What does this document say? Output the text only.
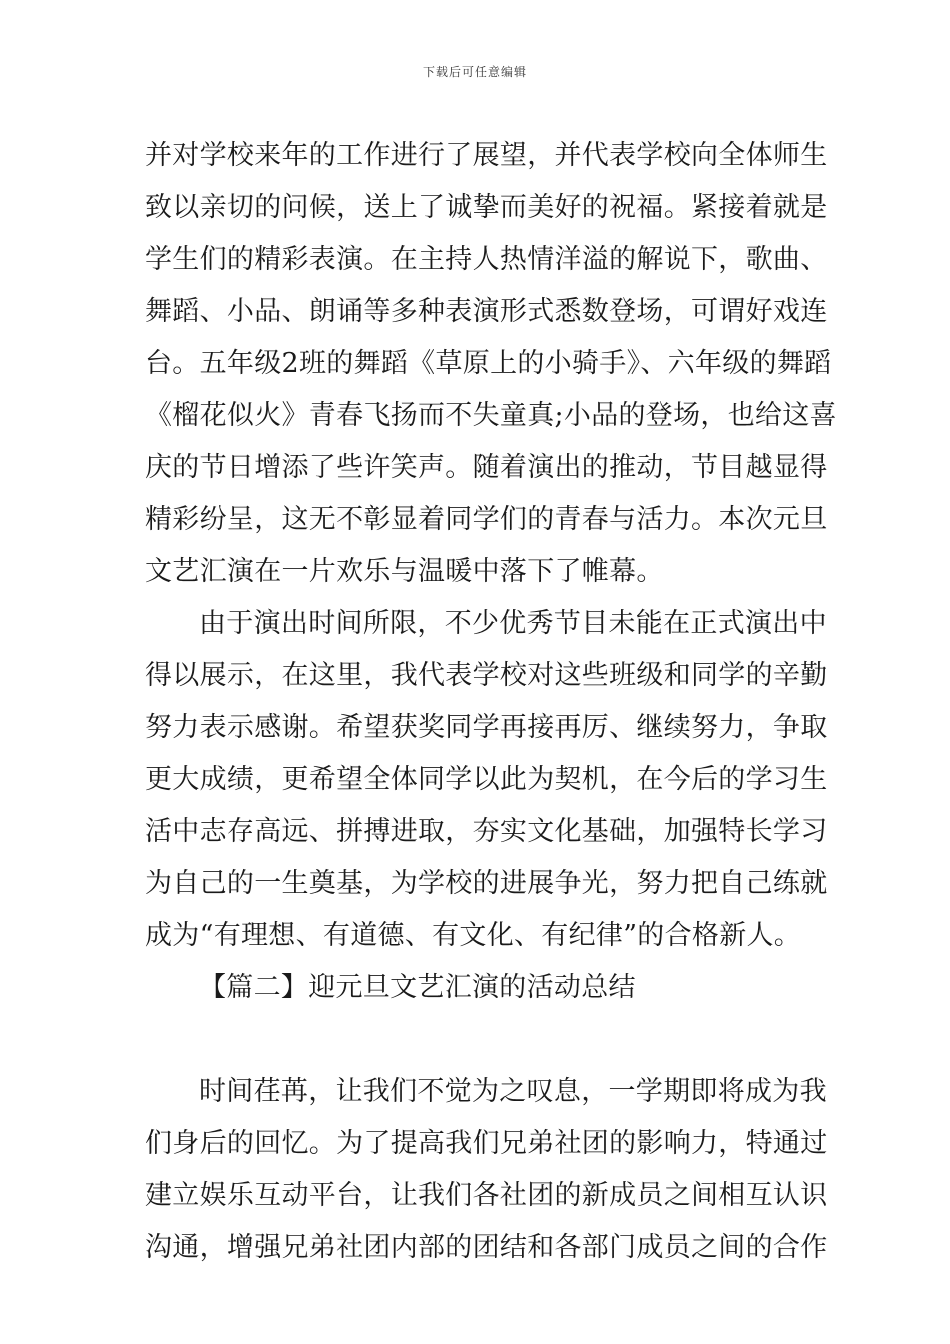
下载后可任意编辑
并对学校来年的工作进行了展望，并代表学校向全体师生
致以亲切的问候，送上了诚挚而美好的祝福。紧接着就是
学生们的精彩表演。在主持人热情洋溢的解说下，歌曲、
舞蹈、小品、朗诵等多种表演形式悉数登场，可谓好戏连
台。五年级2班的舞蹈《草原上的小骑手》、六年级的舞蹈
《榴花似火》青春飞扬而不失童真;小品的登场，也给这喜
庆的节日增添了些许笑声。随着演出的推动，节目越显得
精彩纷呈，这无不彰显着同学们的青春与活力。本次元旦
文艺汇演在一片欢乐与温暖中落下了帷幕。
由于演出时间所限，不少优秀节目未能在正式演出中
得以展示，在这里，我代表学校对这些班级和同学的辛勤
努力表示感谢。希望获奖同学再接再厉、继续努力，争取
更大成绩，更希望全体同学以此为契机，在今后的学习生
活中志存高远、拼搏进取，夯实文化基础，加强特长学习
为自己的一生奠基，为学校的进展争光，努力把自己练就
成为“有理想、有道德、有文化、有纪律”的合格新人。
【篇二】迎元旦文艺汇演的活动总结
时间荏苒，让我们不觉为之叹息，一学期即将成为我
们身后的回忆。为了提高我们兄弟社团的影响力，特通过
建立娱乐互动平台，让我们各社团的新成员之间相互认识
沟通，增强兄弟社团内部的团结和各部门成员之间的合作
